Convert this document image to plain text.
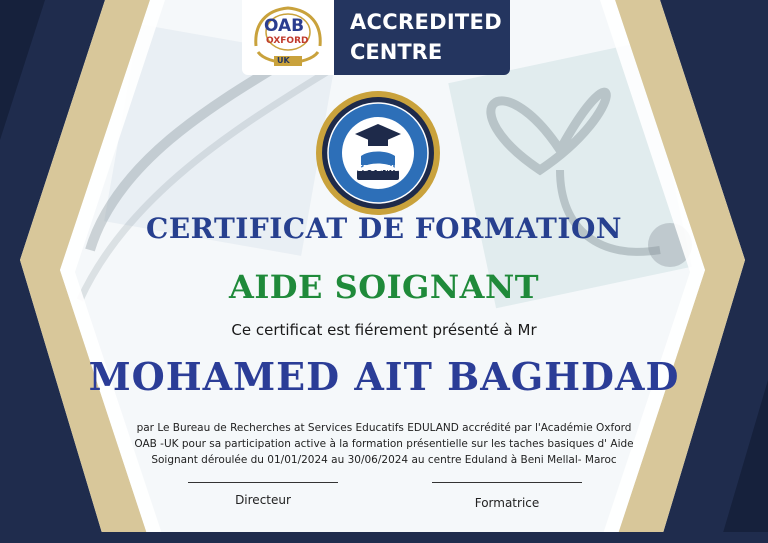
OAB
OXFORD
UK
ACCREDITED
CENTRE
EDULAND
CERTIFICAT DE FORMATION
AIDE SOIGNANT
Ce certificat est fiérement présenté à Mr
MOHAMED AIT BAGHDAD
par Le Bureau de Recherches at Services Educatifs EDULAND accrédité par l'Académie Oxford
OAB -UK pour sa participation active à la formation présentielle sur les taches basiques d' Aide
Soignant déroulée du 01/01/2024 au 30/06/2024 au centre Eduland à Beni Mellal- Maroc
Directeur	Formatrice
